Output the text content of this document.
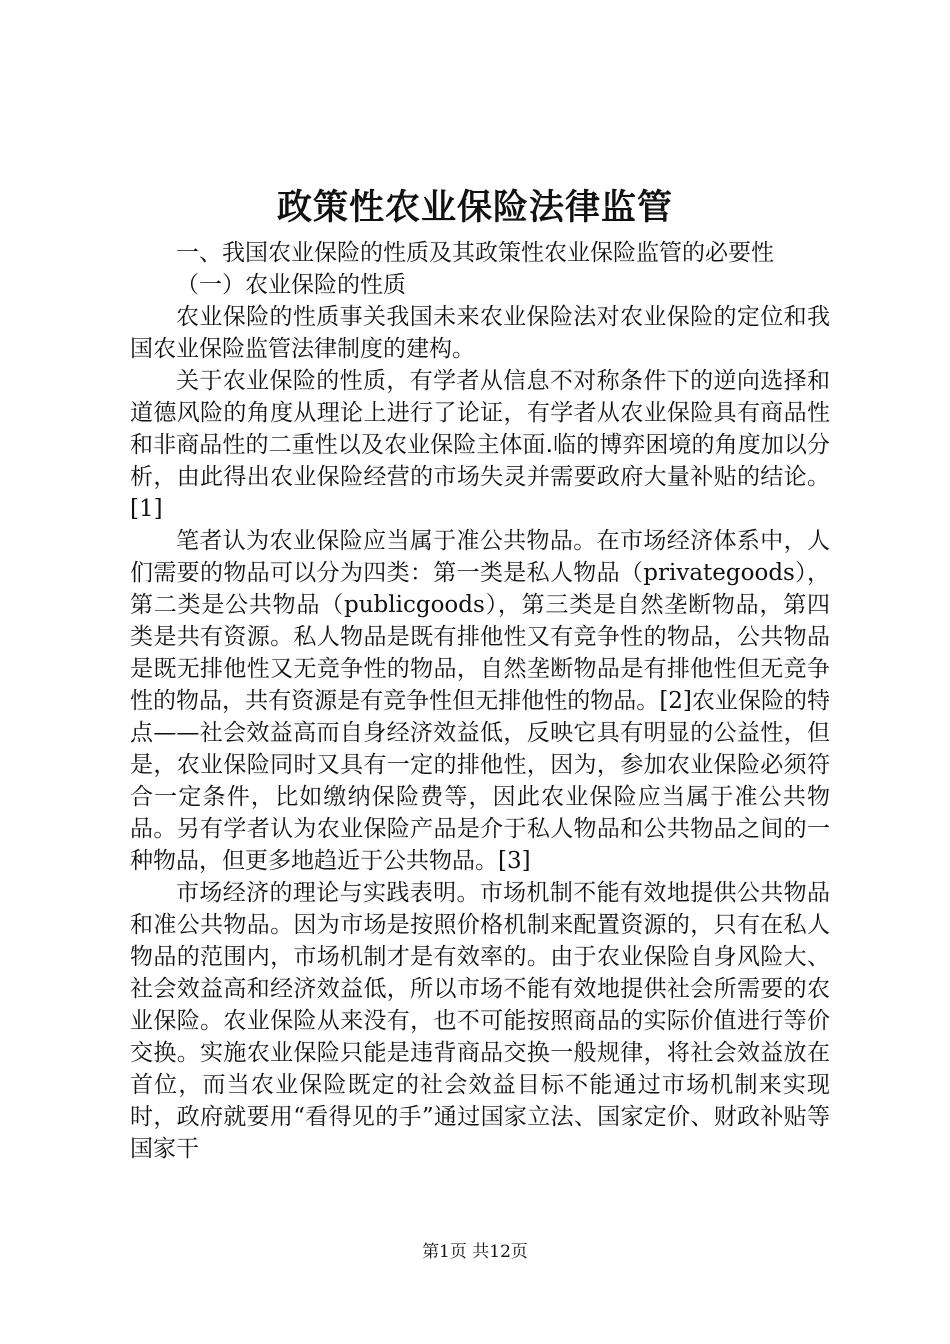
政策性农业保险法律监管

一、我国农业保险的性质及其政策性农业保险监管的必要性

（一）农业保险的性质

农业保险的性质事关我国未来农业保险法对农业保险的定位和我国农业保险监管法律制度的建构。

关于农业保险的性质，有学者从信息不对称条件下的逆向选择和道德风险的角度从理论上进行了论证，有学者从农业保险具有商品性和非商品性的二重性以及农业保险主体面.临的博弈困境的角度加以分析，由此得出农业保险经营的市场失灵并需要政府大量补贴的结论。[1]

笔者认为农业保险应当属于准公共物品。在市场经济体系中，人们需要的物品可以分为四类：第一类是私人物品（privategoods），第二类是公共物品（publicgoods），第三类是自然垄断物品，第四类是共有资源。私人物品是既有排他性又有竞争性的物品，公共物品是既无排他性又无竞争性的物品，自然垄断物品是有排他性但无竞争性的物品，共有资源是有竞争性但无排他性的物品。[2]农业保险的特点——社会效益高而自身经济效益低，反映它具有明显的公益性，但是，农业保险同时又具有一定的排他性，因为，参加农业保险必须符合一定条件，比如缴纳保险费等，因此农业保险应当属于准公共物品。另有学者认为农业保险产品是介于私人物品和公共物品之间的一种物品，但更多地趋近于公共物品。[3]

市场经济的理论与实践表明。市场机制不能有效地提供公共物品和准公共物品。因为市场是按照价格机制来配置资源的，只有在私人物品的范围内，市场机制才是有效率的。由于农业保险自身风险大、社会效益高和经济效益低，所以市场不能有效地提供社会所需要的农业保险。农业保险从来没有，也不可能按照商品的实际价值进行等价交换。实施农业保险只能是违背商品交换一般规律，将社会效益放在首位，而当农业保险既定的社会效益目标不能通过市场机制来实现时，政府就要用“看得见的手”通过国家立法、国家定价、财政补贴等国家干

第1页 共12页
